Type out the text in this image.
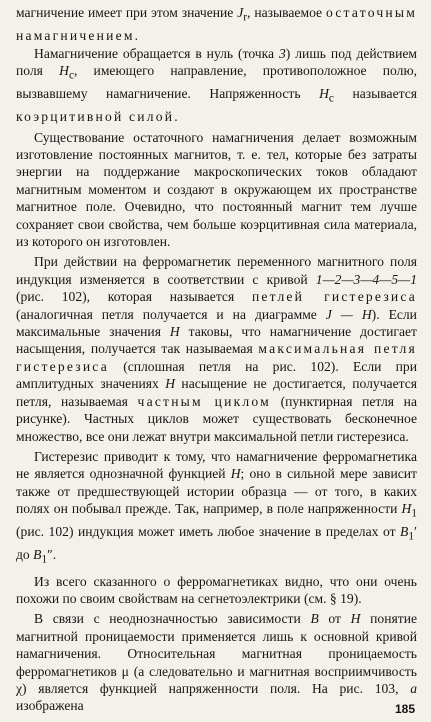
магничение имеет при этом значение $J_r$, называемое остаточным намагничением.

Намагничение обращается в нуль (точка 3) лишь под действием поля $H_c$, имеющего направление, противоположное полю, вызвавшему намагничение. Напряженность $H_c$ называется коэрцитивной силой.

Существование остаточного намагничения делает возможным изготовление постоянных магнитов, т. е. тел, которые без затраты энергии на поддержание макроскопических токов обладают магнитным моментом и создают в окружающем их пространстве магнитное поле. Очевидно, что постоянный магнит тем лучше сохраняет свои свойства, чем больше коэрцитивная сила материала, из которого он изготовлен.

При действии на ферромагнетик переменного магнитного поля индукция изменяется в соответствии с кривой 1—2—3—4—5—1 (рис. 102), которая называется петлей гистерезиса (аналогичная петля получается и на диаграмме J — H). Если максимальные значения H таковы, что намагничение достигает насыщения, получается так называемая максимальная петля гистерезиса (сплошная петля на рис. 102). Если при амплитудных значениях H насыщение не достигается, получается петля, называемая частным циклом (пунктирная петля на рисунке). Частных циклов может существовать бесконечное множество, все они лежат внутри максимальной петли гистерезиса.

Гистерезис приводит к тому, что намагничение ферромагнетика не является однозначной функцией H; оно в сильной мере зависит также от предшествующей истории образца — от того, в каких полях он побывал прежде. Так, например, в поле напряженности $H_1$ (рис. 102) индукция может иметь любое значение в пределах от $B_1'$ до $B_1''$.

Из всего сказанного о ферромагнетиках видно, что они очень похожи по своим свойствам на сегнетоэлектрики (см. § 19).

В связи с неоднозначностью зависимости B от H понятие магнитной проницаемости применяется лишь к основной кривой намагничения. Относительная магнитная проницаемость ферромагнетиков μ (а следовательно и магнитная восприимчивость χ) является функцией напряженности поля. На рис. 103, а изображена	185
